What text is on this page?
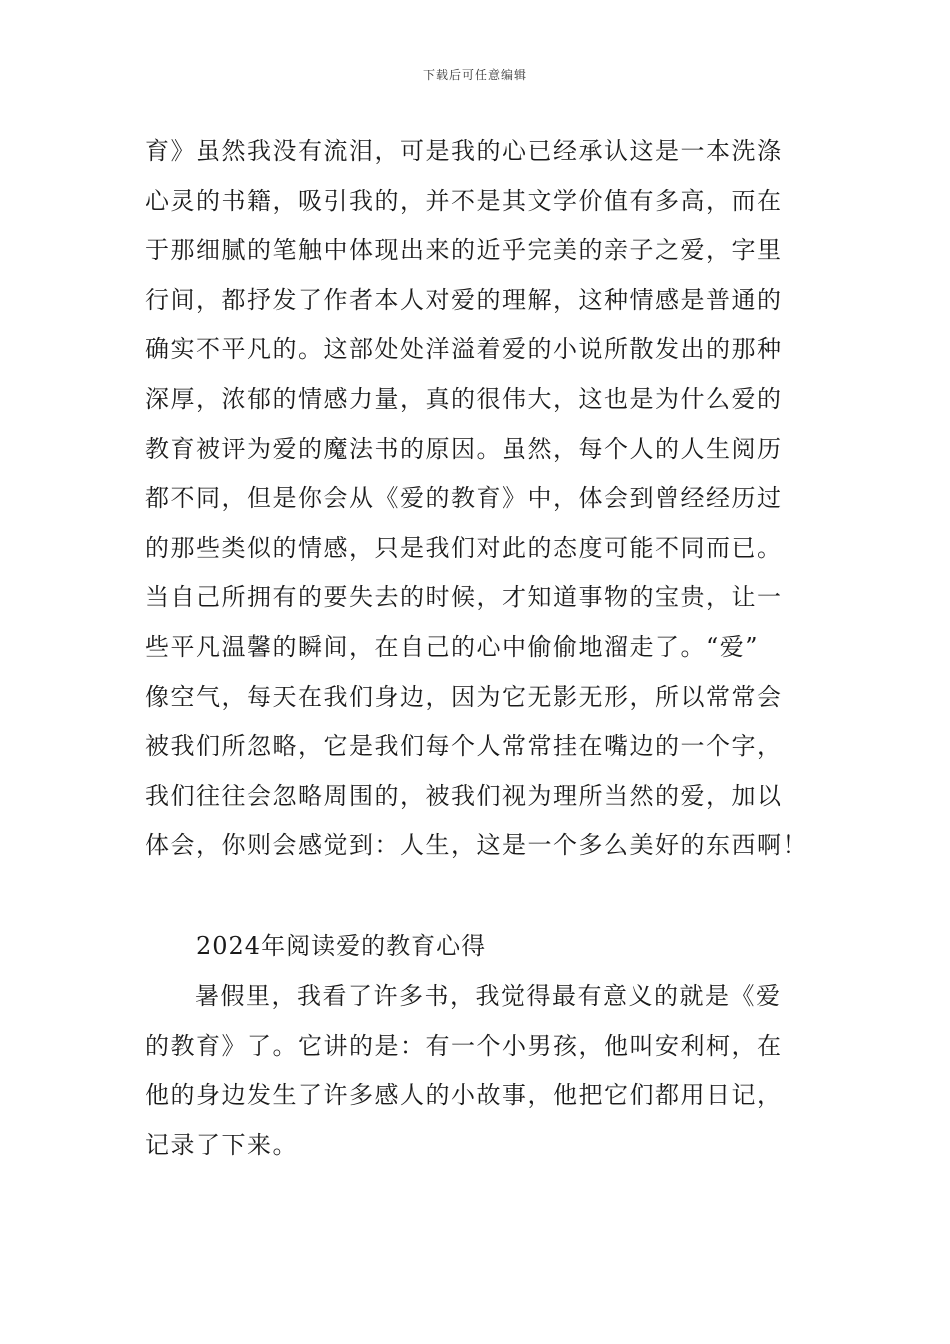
下载后可任意编辑
育》虽然我没有流泪，可是我的心已经承认这是一本洗涤
心灵的书籍，吸引我的，并不是其文学价值有多高，而在
于那细腻的笔触中体现出来的近乎完美的亲子之爱，字里
行间，都抒发了作者本人对爱的理解，这种情感是普通的
确实不平凡的。这部处处洋溢着爱的小说所散发出的那种
深厚，浓郁的情感力量，真的很伟大，这也是为什么爱的
教育被评为爱的魔法书的原因。虽然，每个人的人生阅历
都不同，但是你会从《爱的教育》中，体会到曾经经历过
的那些类似的情感，只是我们对此的态度可能不同而已。
当自己所拥有的要失去的时候，才知道事物的宝贵，让一
些平凡温馨的瞬间，在自己的心中偷偷地溜走了。“爱”
像空气，每天在我们身边，因为它无影无形，所以常常会
被我们所忽略，它是我们每个人常常挂在嘴边的一个字，
我们往往会忽略周围的，被我们视为理所当然的爱，加以
体会，你则会感觉到：人生，这是一个多么美好的东西啊！
2024年阅读爱的教育心得
暑假里，我看了许多书，我觉得最有意义的就是《爱
的教育》了。它讲的是：有一个小男孩，他叫安利柯，在
他的身边发生了许多感人的小故事，他把它们都用日记，
记录了下来。
